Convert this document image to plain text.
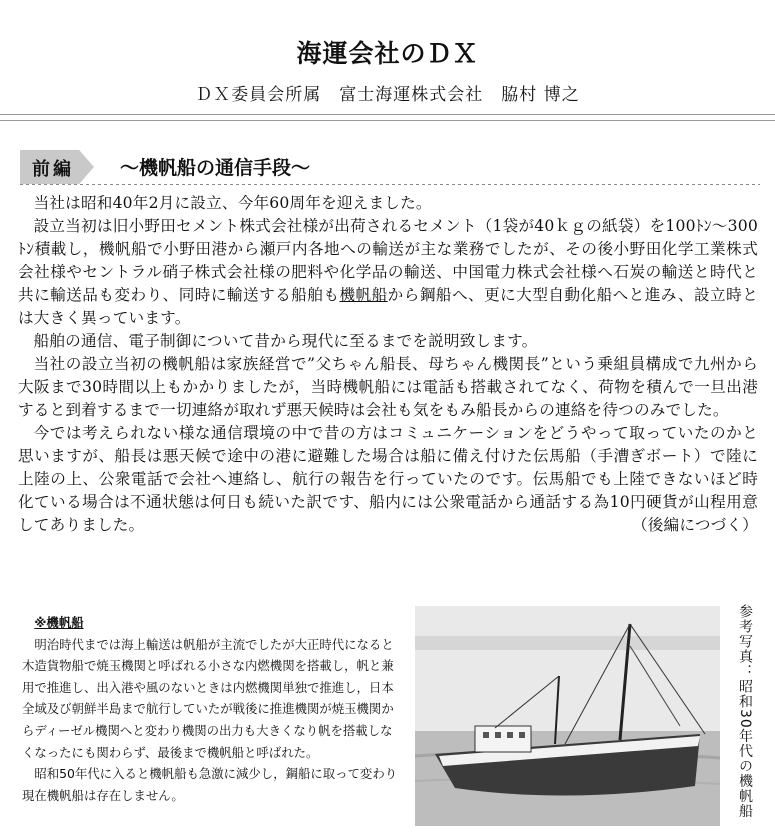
海運会社のＤＸ
ＤＸ委員会所属　富士海運株式会社　脇村 博之
前編 ～機帆船の通信手段～

当社は昭和40年2月に設立、今年60周年を迎えました。

設立当初は旧小野田セメント株式会社様が出荷されるセメント（1袋が40ｋｇの紙袋）を100ﾄﾝ～300ﾄﾝ積載し，機帆船で小野田港から瀬戸内各地への輸送が主な業務でしたが、その後小野田化学工業株式会社様やセントラル硝子株式会社様の肥料や化学品の輸送、中国電力株式会社様へ石炭の輸送と時代と共に輸送品も変わり、同時に輸送する船舶も機帆船から鋼船へ、更に大型自動化船へと進み、設立時とは大きく異っています。

船舶の通信、電子制御について昔から現代に至るまでを説明致します。

当社の設立当初の機帆船は家族経営で”父ちゃん船長、母ちゃん機関長”という乗組員構成で九州から大阪まで30時間以上もかかりましたが，当時機帆船には電話も搭載されてなく、荷物を積んで一旦出港すると到着するまで一切連絡が取れず悪天候時は会社も気をもみ船長からの連絡を待つのみでした。

今では考えられない様な通信環境の中で昔の方はコミュニケーションをどうやって取っていたのかと思いますが、船長は悪天候で途中の港に避難した場合は船に備え付けた伝馬船（手漕ぎボート）で陸に上陸の上、公衆電話で会社へ連絡し、航行の報告を行っていたのです。伝馬船でも上陸できないほど時化ている場合は不通状態は何日も続いた訳です、船内には公衆電話から通話する為10円硬貨が山程用意してありました。	（後編につづく）

※機帆船

明治時代までは海上輸送は帆船が主流でしたが大正時代になると木造貨物船で焼玉機関と呼ばれる小さな内燃機関を搭載し，帆と兼用で推進し、出入港や風のないときは内燃機関単独で推進し，日本全域及び朝鮮半島まで航行していたが戦後に推進機関が焼玉機関からディーゼル機関へと変わり機関の出力も大きくなり帆を搭載しなくなったにも関わらず、最後まで機帆船と呼ばれた。

昭和50年代に入ると機帆船も急激に減少し，鋼船に取って変わり現在機帆船は存在しません。	参考写真：昭和30年代の機帆船
